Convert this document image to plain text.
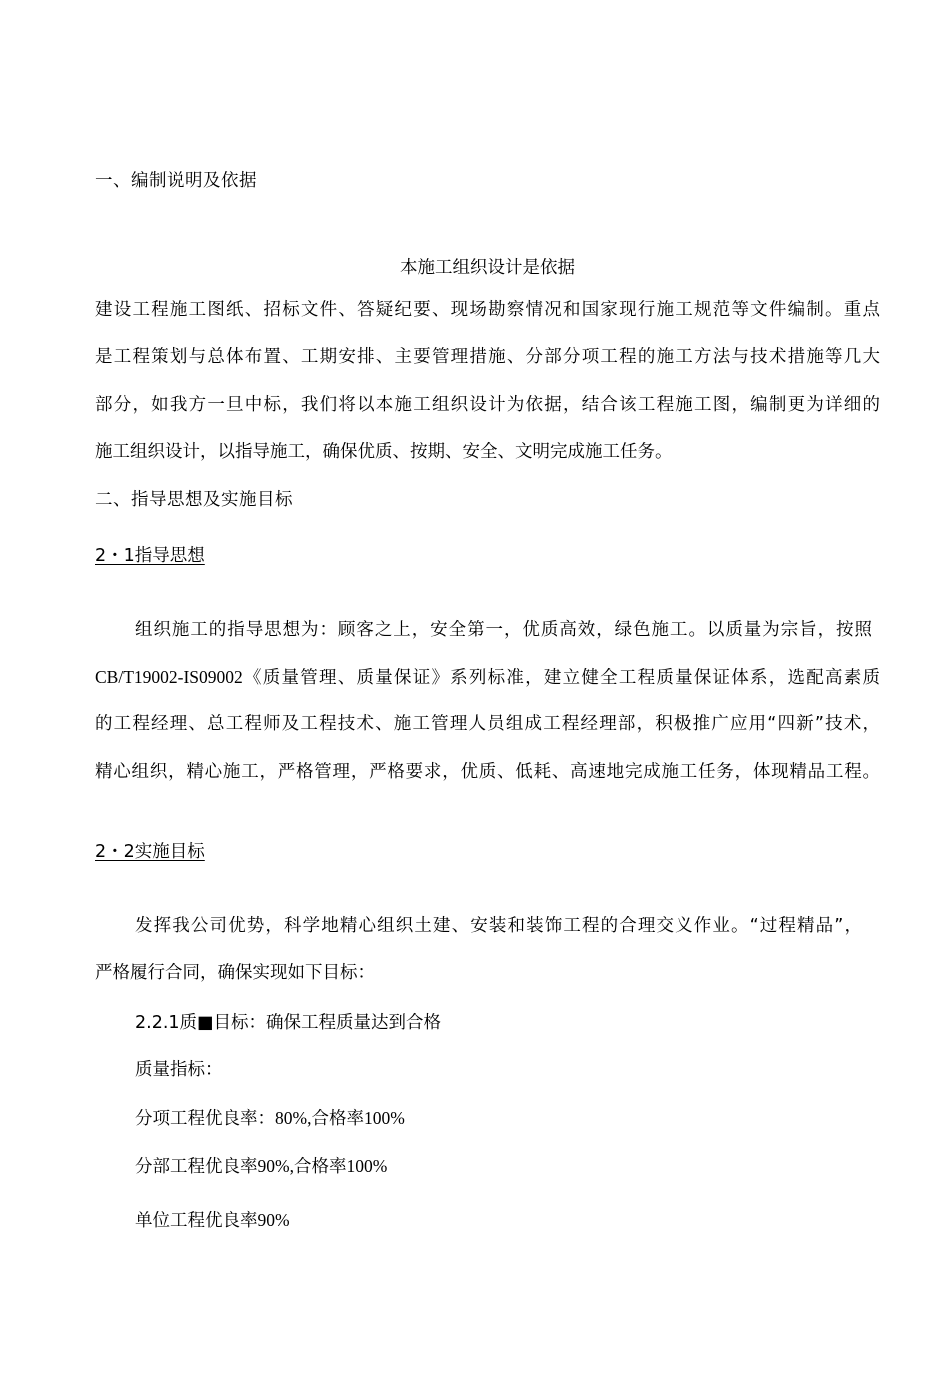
一、编制说明及依据

本施工组织设计是依据

建设工程施工图纸、招标文件、答疑纪要、现场勘察情况和国家现行施工规范等文件编制。重点

是工程策划与总体布置、工期安排、主要管理措施、分部分项工程的施工方法与技术措施等几大

部分，如我方一旦中标，我们将以本施工组织设计为依据，结合该工程施工图，编制更为详细的

施工组织设计，以指导施工，确保优质、按期、安全、文明完成施工任务。

二、指导思想及实施目标

2・1指导思想

组织施工的指导思想为：顾客之上，安全第一，优质高效，绿色施工。以质量为宗旨，按照

CB/T19002-IS09002《质量管理、质量保证》系列标准，建立健全工程质量保证体系，选配高素质

的工程经理、总工程师及工程技术、施工管理人员组成工程经理部，积极推广应用“四新”技术，

精心组织，精心施工，严格管理，严格要求，优质、低耗、高速地完成施工任务，体现精品工程。

2・2实施目标

发挥我公司优势，科学地精心组织土建、安装和装饰工程的合理交义作业。“过程精品”，

严格履行合同，确保实现如下目标：

2.2.1质■目标：确保工程质量达到合格

质量指标：

分项工程优良率：80%,合格率100%

分部工程优良率90%,合格率100%

单位工程优良率90%
